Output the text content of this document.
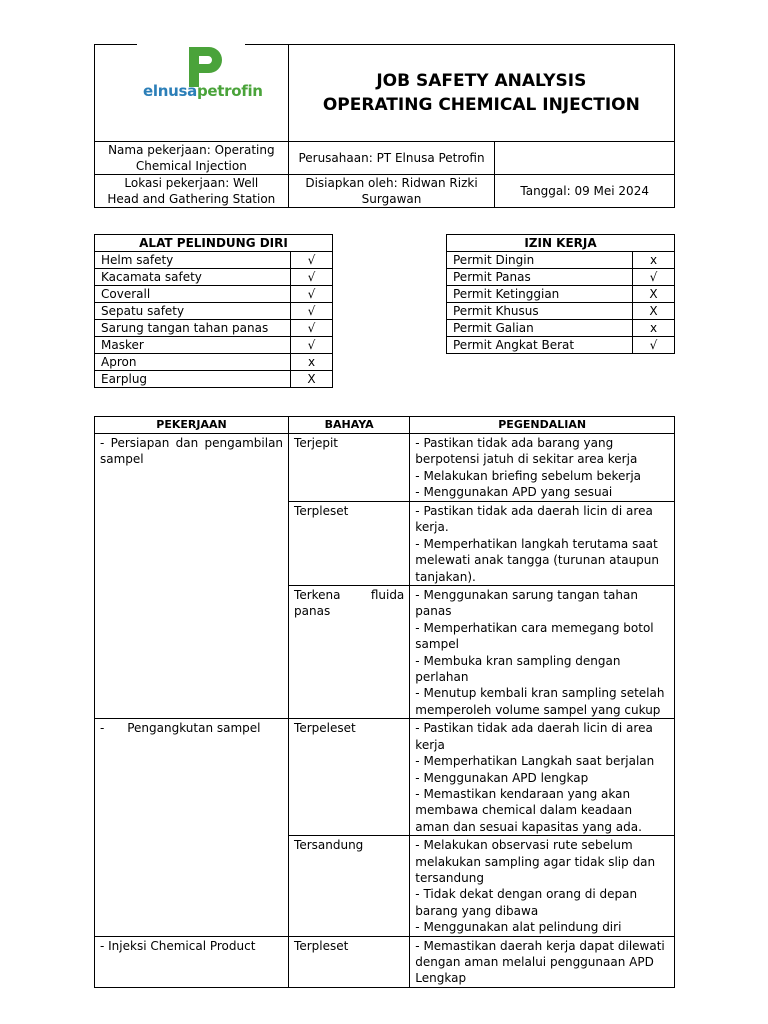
elnusapetrofin	JOB SAFETY ANALYSIS
OPERATING CHEMICAL INJECTION	

Nama pekerjaan: Operating Chemical Injection	Perusahaan: PT Elnusa Petrofin	
Lokasi pekerjaan: Well Head and Gathering Station	Disiapkan oleh: Ridwan Rizki Surgawan	Tanggal: 09 Mei 2024
ALAT PELINDUNG DIRI	
Helm safety	√
Kacamata safety	√
Coverall	√
Sepatu safety	√
Sarung tangan tahan panas	√
Masker	√
Apron	x
Earplug	X
IZIN KERJA	
Permit Dingin	x
Permit Panas	√
Permit Ketinggian	X
Permit Khusus	X
Permit Galian	x
Permit Angkat Berat	√
PEKERJAAN	BAHAYA	PEGENDALIAN
- Persiapan dan pengambilan sampel	Terjepit	- Pastikan tidak ada barang yang berpotensi jatuh di sekitar area kerja
- Melakukan briefing sebelum bekerja
- Menggunakan APD yang sesuai

	Terpleset	- Pastikan tidak ada daerah licin di area kerja.
- Memperhatikan langkah terutama saat melewati anak tangga (turunan ataupun tanjakan).

	Terkena fluida panas	- Menggunakan sarung tangan tahan panas
- Memperhatikan cara memegang botol sampel
- Membuka kran sampling dengan perlahan
- Menutup kembali kran sampling setelah memperoleh volume sampel yang cukup

-      Pengangkutan sampel	Terpeleset	- Pastikan tidak ada daerah licin di area kerja
- Memperhatikan Langkah saat berjalan
- Menggunakan APD lengkap
- Memastikan kendaraan yang akan membawa chemical dalam keadaan aman dan sesuai kapasitas yang ada.

	Tersandung	- Melakukan observasi rute sebelum melakukan sampling agar tidak slip dan tersandung
- Tidak dekat dengan orang di depan barang yang dibawa
- Menggunakan alat pelindung diri

- Injeksi Chemical Product	Terpleset	- Memastikan daerah kerja dapat dilewati dengan aman melalui penggunaan APD Lengkap
